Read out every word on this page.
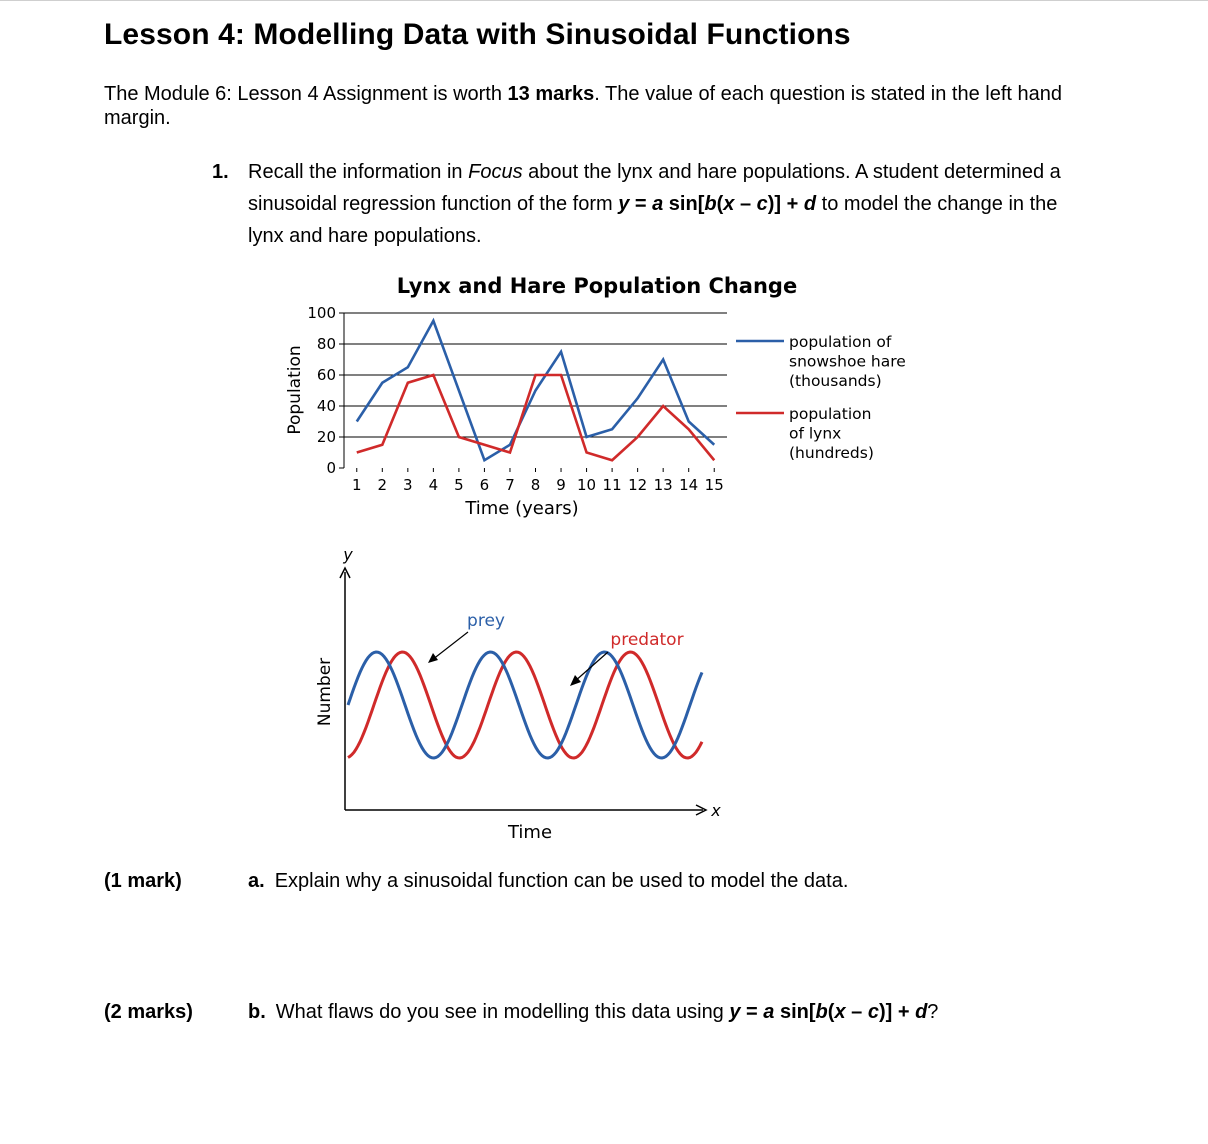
Lesson 4: Modelling Data with Sinusoidal Functions
The Module 6: Lesson 4 Assignment is worth 13 marks. The value of each question is stated in the left hand margin.
1. Recall the information in Focus about the lynx and hare populations. A student determined a sinusoidal regression function of the form y = a sin[b(x – c)] + d to model the change in the lynx and hare populations.
Lynx and Hare Population Change
Population
Time (years)
0
20
40
60
80
100
1 2 3 4 5 6 7 8 9 10 11 12 13 14 15
population of
snowshoe hare
(thousands)
population
of lynx
(hundreds)
y
x
Number
Time
prey
predator
(1 mark)	a. Explain why a sinusoidal function can be used to model the data.
(2 marks)	b. What flaws do you see in modelling this data using y = a sin[b(x – c)] + d?
